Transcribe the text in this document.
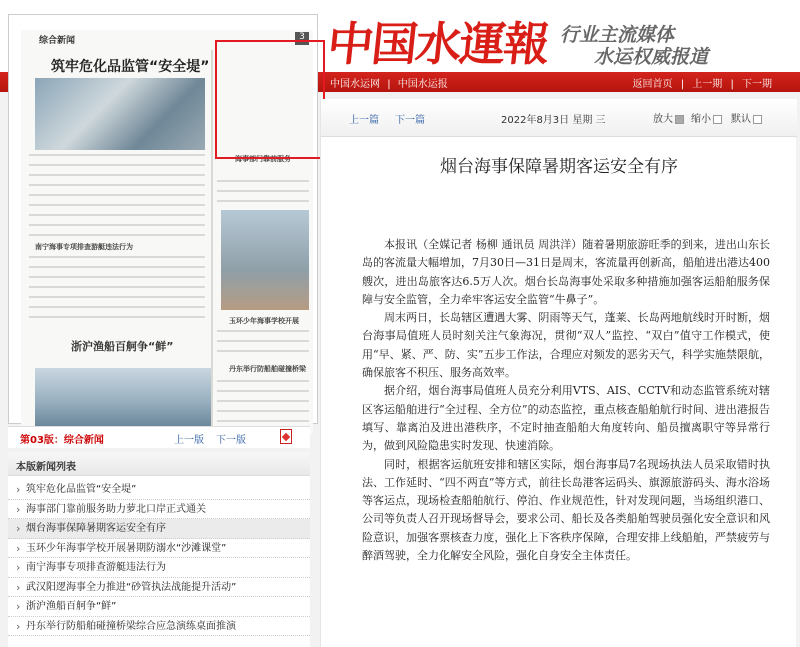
中国水運報 行业主流媒体
水运权威报道
中国水运网 | 中国水运报	返回首页 | 上一期 | 下一期
综合新闻	3
筑牢危化品监管“安全堤”
南宁海事专项排查游艇违法行为
浙沪渔船百舸争“鲜”
海事部门靠前服务
玉环少年海事学校开展
丹东举行防船舶碰撞桥梁
第03版：综合新闻	上一版 下一版
本版新闻列表
› 筑牢危化品监管“安全堤”
› 海事部门靠前服务助力萝北口岸正式通关
› 烟台海事保障暑期客运安全有序
› 玉环少年海事学校开展暑期防溺水“沙滩课堂”
› 南宁海事专项排查游艇违法行为
› 武汉阳逻海事全力推进“砂管执法战能提升活动”
› 浙沪渔船百舸争“鲜”
› 丹东举行防船舶碰撞桥梁综合应急演练桌面推演
上一篇 下一篇	2022年8月3日 星期 三	放大	缩小	默认
烟台海事保障暑期客运安全有序

本报讯（全媒记者 杨柳 通讯员 周洪洋）随着暑期旅游旺季的到来，进出山东长岛的客流量大幅增加，7月30日—31日是周末，客流量再创新高，船舶进出港达400艘次，进出岛旅客达6.5万人次。烟台长岛海事处采取多种措施加强客运船舶服务保障与安全监管，全力牵牢客运安全监管“牛鼻子”。

周末两日，长岛辖区遭遇大雾、阴雨等天气，蓬莱、长岛两地航线时开时断，烟台海事局值班人员时刻关注气象海况，贯彻“双人”监控、“双白”值守工作模式，使用“早、紧、严、防、实”五步工作法，合理应对频发的恶劣天气，科学实施禁限航，确保旅客不积压、服务高效率。

据介绍，烟台海事局值班人员充分利用VTS、AIS、CCTV和动态监管系统对辖区客运船舶进行“全过程、全方位”的动态监控，重点核查船舶航行时间、进出港报告填写、靠离泊及进出港秩序，不定时抽查船舶大角度转向、船员擅离职守等异常行为，做到风险隐患实时发现、快速消除。

同时，根据客运航班安排和辖区实际，烟台海事局7名现场执法人员采取错时执法、工作延时、“四不两直”等方式，前往长岛港客运码头、旗源旅游码头、海水浴场等客运点，现场检查船舶航行、停泊、作业规范性，针对发现问题，当场组织港口、公司等负责人召开现场督导会，要求公司、船长及各类船舶驾驶员强化安全意识和风险意识，加强客票核查力度，强化上下客秩序保障，合理安排上线船舶，严禁疲劳与醉酒驾驶，全力化解安全风险，强化自身安全主体责任。
